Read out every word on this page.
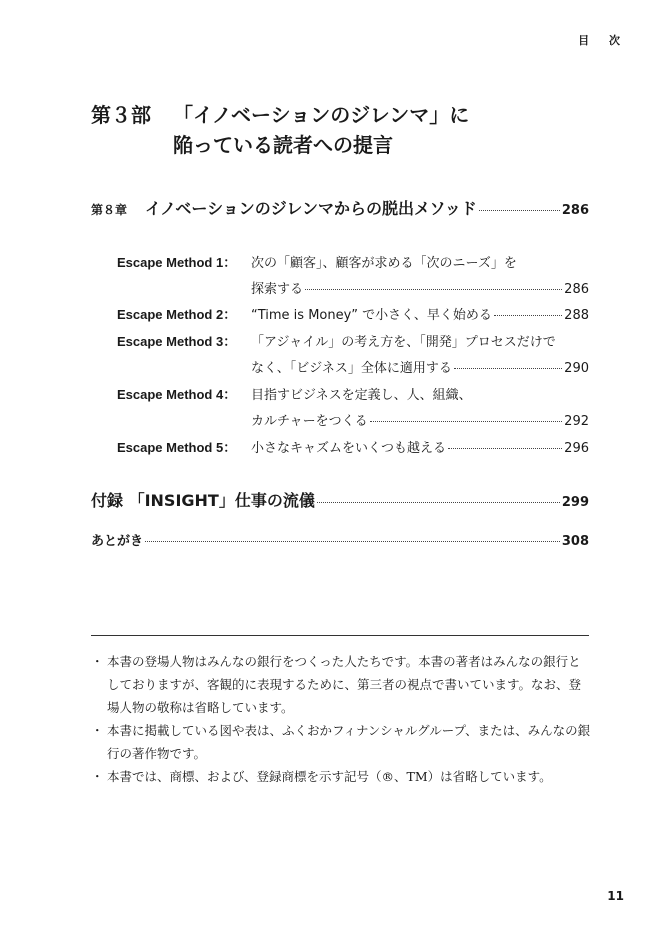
目 次
第３部 「イノベーションのジレンマ」に
陥っている読者への提言
第８章 イノベーションのジレンマからの脱出メソッド	286
Escape Method 1：	次の「顧客」、顧客が求める「次のニーズ」を
探索する	286
Escape Method 2：	“Time is Money” で小さく、早く始める	288
Escape Method 3：	「アジャイル」の考え方を、「開発」プロセスだけで
なく、「ビジネス」全体に適用する	290
Escape Method 4：	目指すビジネスを定義し、人、組織、
カルチャーをつくる	292
Escape Method 5：	小さなキャズムをいくつも越える	296
付録 「INSIGHT」仕事の流儀	299
あとがき	308
・ 本書の登場人物はみんなの銀行をつくった人たちです。本書の著者はみんなの銀行としておりますが、客観的に表現するために、第三者の視点で書いています。なお、登場人物の敬称は省略しています。
・ 本書に掲載している図や表は、ふくおかフィナンシャルグループ、または、みんなの銀行の著作物です。
・ 本書では、商標、および、登録商標を示す記号（®、TM）は省略しています。
11
